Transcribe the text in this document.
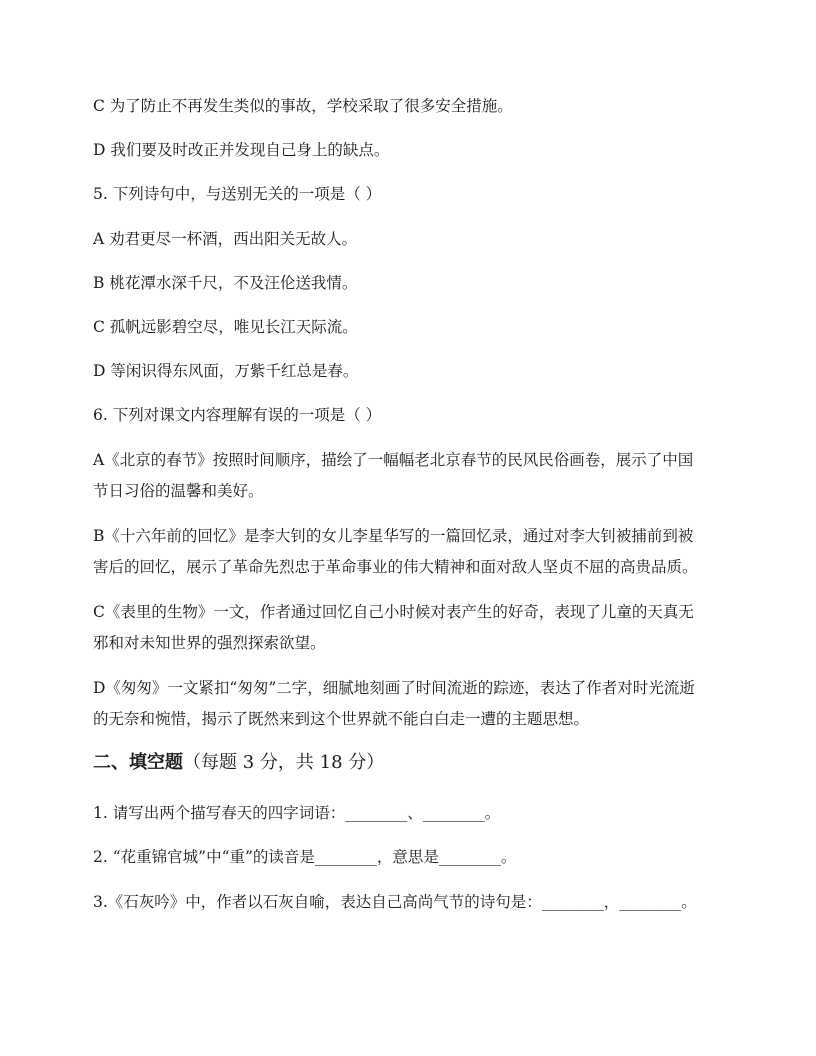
C 为了防止不再发生类似的事故，学校采取了很多安全措施。
D 我们要及时改正并发现自己身上的缺点。
5. 下列诗句中，与送别无关的一项是（ ）
A 劝君更尽一杯酒，西出阳关无故人。
B 桃花潭水深千尺，不及汪伦送我情。
C 孤帆远影碧空尽，唯见长江天际流。
D 等闲识得东风面，万紫千红总是春。
6. 下列对课文内容理解有误的一项是（ ）
A《北京的春节》按照时间顺序，描绘了一幅幅老北京春节的民风民俗画卷，展示了中国
节日习俗的温馨和美好。
B《十六年前的回忆》是李大钊的女儿李星华写的一篇回忆录，通过对李大钊被捕前到被
害后的回忆，展示了革命先烈忠于革命事业的伟大精神和面对敌人坚贞不屈的高贵品质。
C《表里的生物》一文，作者通过回忆自己小时候对表产生的好奇，表现了儿童的天真无
邪和对未知世界的强烈探索欲望。
D《匆匆》一文紧扣“匆匆”二字，细腻地刻画了时间流逝的踪迹，表达了作者对时光流逝
的无奈和惋惜，揭示了既然来到这个世界就不能白白走一遭的主题思想。
二、填空题（每题 3 分，共 18 分）
1. 请写出两个描写春天的四字词语：________、________。
2. “花重锦官城”中“重”的读音是________，意思是________。
3.《石灰吟》中，作者以石灰自喻，表达自己高尚气节的诗句是：________，________。
